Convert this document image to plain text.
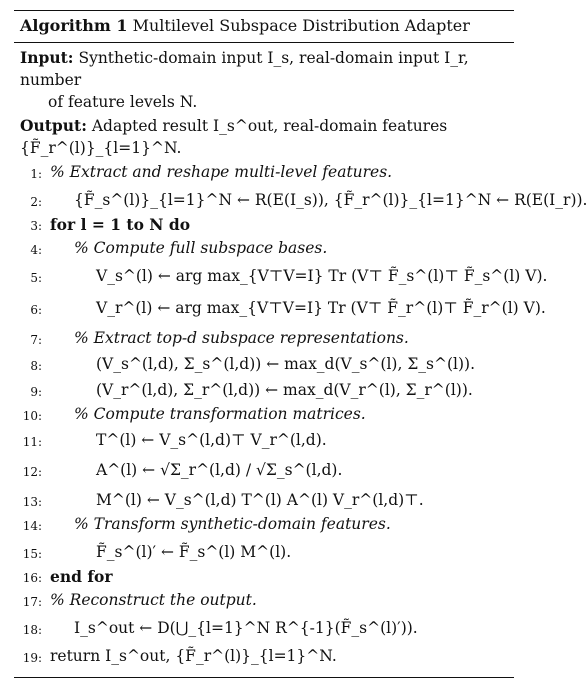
Algorithm 1 Multilevel Subspace Distribution Adapter
Input: Synthetic-domain input I_s, real-domain input I_r, number
of feature levels N.
Output: Adapted result I_s^out, real-domain features {F̃_r^(l)}_{l=1}^N.
1: % Extract and reshape multi-level features.
2: {F̃_s^(l)}_{l=1}^N ← R(E(I_s)), {F̃_r^(l)}_{l=1}^N ← R(E(I_r)).
3: for l = 1 to N do
4: % Compute full subspace bases.
5:	V_s^(l) ← arg max_{V⊤V=I} Tr (V⊤ F̃_s^(l)⊤ F̃_s^(l) V).
6:	V_r^(l) ← arg max_{V⊤V=I} Tr (V⊤ F̃_r^(l)⊤ F̃_r^(l) V).
7: % Extract top-d subspace representations.
8:	(V_s^(l,d), Σ_s^(l,d)) ← max_d(V_s^(l), Σ_s^(l)).
9:	(V_r^(l,d), Σ_r^(l,d)) ← max_d(V_r^(l), Σ_r^(l)).
10: % Compute transformation matrices.
11:	T^(l) ← V_s^(l,d)⊤ V_r^(l,d).
12:	A^(l) ← √Σ_r^(l,d) / √Σ_s^(l,d).
13:	M^(l) ← V_s^(l,d) T^(l) A^(l) V_r^(l,d)⊤.
14: % Transform synthetic-domain features.
15:	F̃_s^(l)′ ← F̃_s^(l) M^(l).
16: end for
17: % Reconstruct the output.
18: I_s^out ← D(⋃_{l=1}^N R^{-1}(F̃_s^(l)′)).
19: return I_s^out, {F̃_r^(l)}_{l=1}^N.
